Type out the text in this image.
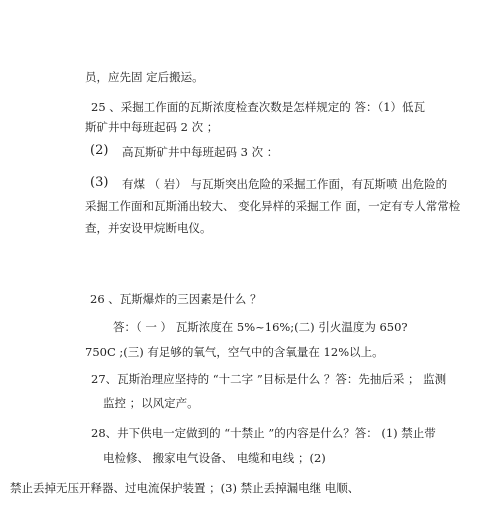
员，应先固 定后搬运。

25 、采掘工作面的瓦斯浓度检查次数是怎样规定的 答：（1）低瓦

斯矿井中每班起码 2 次 ；

(2) 高瓦斯矿井中每班起码 3 次 ：

(3) 有煤 （ 岩） 与瓦斯突出危险的采掘工作面，有瓦斯喷 出危险的

采掘工作面和瓦斯涌出较大、 变化异样的采掘工作 面，一定有专人常常检

查，并安设甲烷断电仪。

26 、瓦斯爆炸的三因素是什么 ？

答：（ 一 ） 瓦斯浓度在 5%~16%;(二) 引火温度为 650?

750C ;(三) 有足够的氧气，空气中的含氧量在 12%以上。

27、瓦斯治理应坚持的 “十二字 ”目标是什么 ？答：先抽后采 ； 监测

监控 ；以风定产。

28、井下供电一定做到的 “十禁止 ”的内容是什么？答： (1) 禁止带

电检修、 搬家电气设备、 电缆和电线 ；(2)

禁止丢掉无压开释器、过电流保护装置 ；(3) 禁止丢掉漏电继 电顺、
